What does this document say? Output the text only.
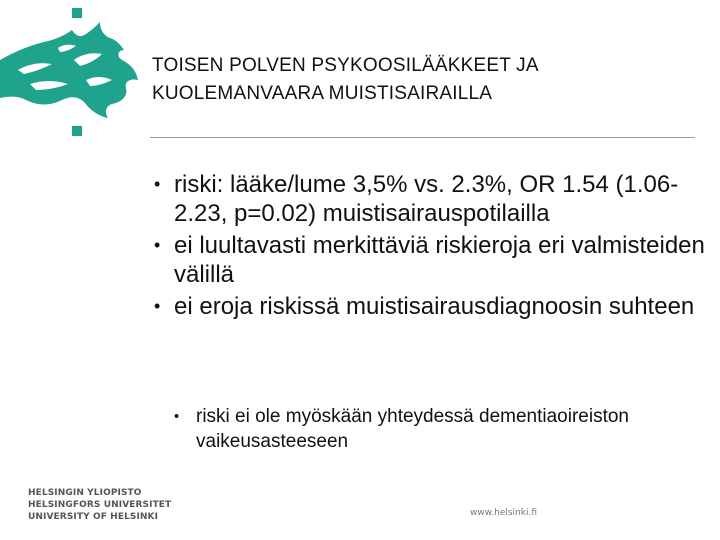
TOISEN POLVEN PSYKOOSILÄÄKKEET JA
KUOLEMANVAARA MUISTISAIRAILLA
• riski: lääke/lume 3,5% vs. 2.3%, OR 1.54 (1.06-2.23, p=0.02) muistisairauspotilailla
• ei luultavasti merkittäviä riskieroja eri valmisteiden välillä
• ei eroja riskissä muistisairausdiagnoosin suhteen
• riski ei ole myöskään yhteydessä dementiaoireiston vaikeusasteeseen
HELSINGIN YLIOPISTO
HELSINGFORS UNIVERSITET
UNIVERSITY OF HELSINKI	www.helsinki.fi
